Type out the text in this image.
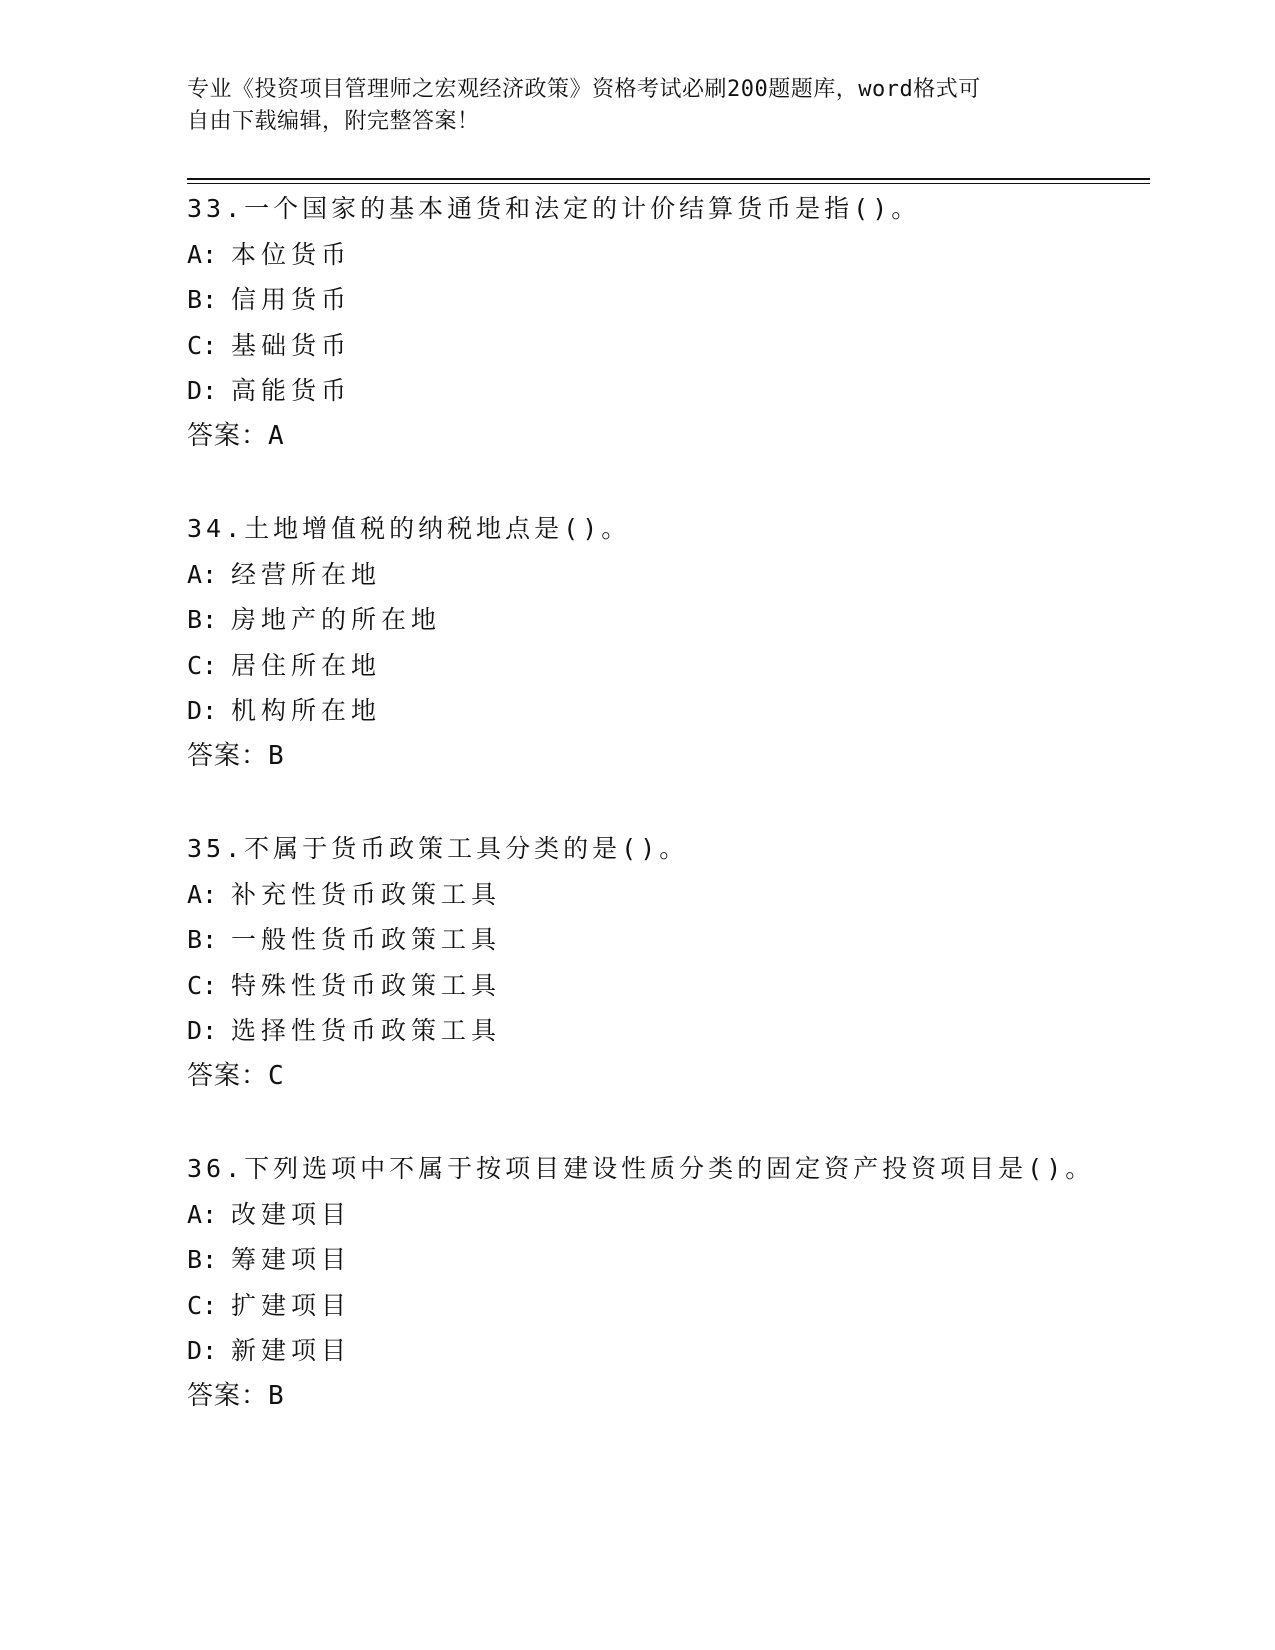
专业《投资项目管理师之宏观经济政策》资格考试必刷200题题库，word格式可
自由下载编辑，附完整答案！
33.一个国家的基本通货和法定的计价结算货币是指()。
A: 本位货币
B: 信用货币
C: 基础货币
D: 高能货币
答案：A
34.土地增值税的纳税地点是()。
A: 经营所在地
B: 房地产的所在地
C: 居住所在地
D: 机构所在地
答案：B
35.不属于货币政策工具分类的是()。
A: 补充性货币政策工具
B: 一般性货币政策工具
C: 特殊性货币政策工具
D: 选择性货币政策工具
答案：C
36.下列选项中不属于按项目建设性质分类的固定资产投资项目是()。
A: 改建项目
B: 筹建项目
C: 扩建项目
D: 新建项目
答案：B
